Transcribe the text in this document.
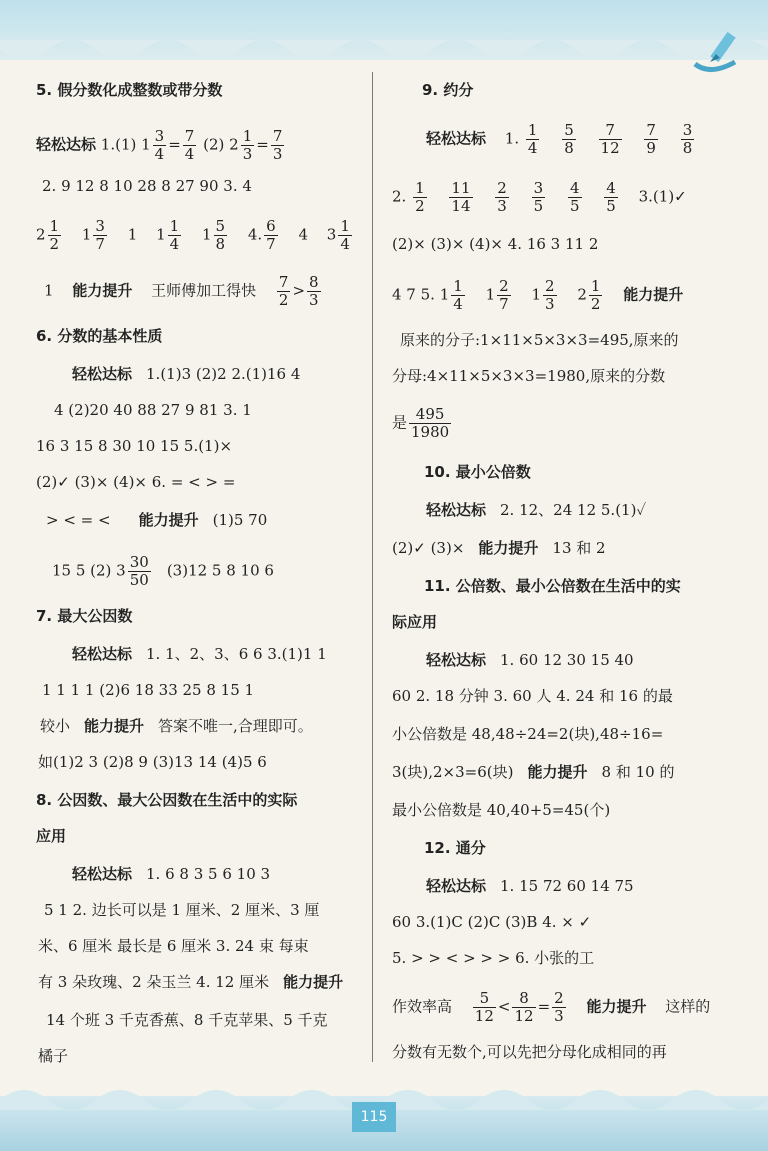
5. 假分数化成整数或带分数
轻松达标 1.(1) $1 \frac{3}{4} = \frac{7}{4} (2)$ $2 \frac{1}{3} = \frac{7}{3}$
2. 9 12 8 10 28 8 27 90 3. 4
$2 \frac{1}{2} 1 \frac{3}{7} 1$ $1 \frac{1}{4} 1 \frac{5}{8} 4$. $\frac{6}{7} 4$ $3 \frac{1}{4}$
1 能力提升 王师傅加工得快 $\frac{7}{2} > \frac{8}{3}$
6. 分数的基本性质
轻松达标 1.(1)3 (2)2 2.(1)16 4
4 (2)20 40 88 27 9 81 3. 1
16 3 15 8 30 10 15 5.(1)×
(2)✓ (3)× (4)× 6. = < > =
> < = < 能力提升 (1)5 70
15 5 (2) $3 \frac{30}{50} (3)12$ 5 8 10 6
7. 最大公因数
轻松达标 1. 1、2、3、6 6 3.(1)1 1
1 1 1 1 (2)6 18 33 25 8 15 1
较小 能力提升 答案不唯一,合理即可。
如(1)2 3 (2)8 9 (3)13 14 (4)5 6
8. 公因数、最大公因数在生活中的实际
应用
轻松达标 1. 6 8 3 5 6 10 3
5 1 2. 边长可以是 1 厘米、2 厘米、3 厘
米、6 厘米 最长是 6 厘米 3. 24 束 每束
有 3 朵玫瑰、2 朵玉兰 4. 12 厘米 能力提升
14 个班 3 千克香蕉、8 千克苹果、5 千克
橘子
9. 约分
轻松达标 1. $\frac{1}{4}$
$\frac{5}{8}$
$\frac{7}{12}$
$\frac{7}{9}$
$\frac{3}{8}$
2. $\frac{1}{2}$
$\frac{11}{14}$
$\frac{2}{3}$
$\frac{3}{5}$
$\frac{4}{5}$
$\frac{4}{5}$ 3.(1)✓
(2)× (3)× (4)× 4. 16 3 11 2
4 7 5. $1 \frac{1}{4} 1 \frac{2}{7} 1 \frac{2}{3} 2 \frac{1}{2}$ 能力提升
原来的分子:1×11×5×3×3=495,原来的
分母:4×11×5×3×3=1980,原来的分数
是 $\frac{495}{1980}$
10. 最小公倍数
轻松达标 2. 12、24 12 5.(1)✓
(2)✓ (3)× 能力提升 13 和 2
11. 公倍数、最小公倍数在生活中的实
际应用
轻松达标 1. 60 12 30 15 40
60 2. 18 分钟 3. 60 人 4. 24 和 16 的最
小公倍数是 48,48÷24=2(块),48÷16=
3(块),2×3=6(块) 能力提升 8 和 10 的
最小公倍数是 40,40+5=45(个)
12. 通分
轻松达标 1. 15 72 60 14 75
60 3.(1)C (2)C (3)B 4. × ✓
5. > > < > > > 6. 小张的工
作效率高 $\frac{5}{12} < \frac{8}{12} = \frac{2}{3}$ 能力提升 这样的
分数有无数个,可以先把分母化成相同的再
115
